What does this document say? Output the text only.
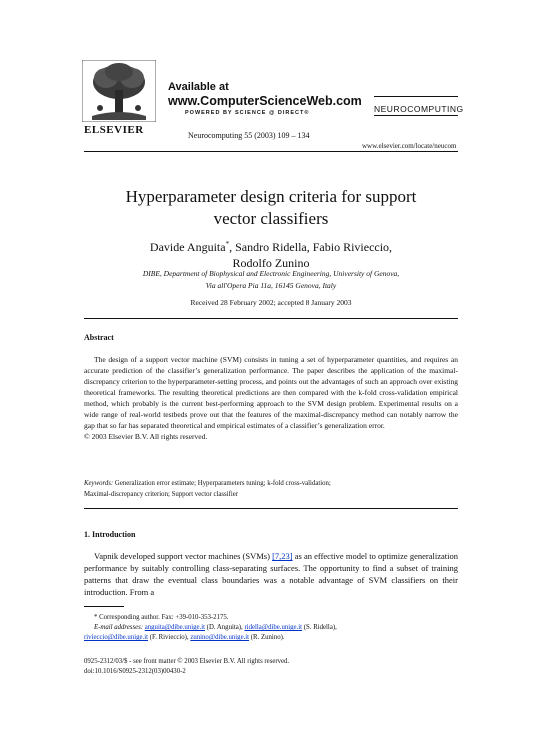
ELSEVIER
Available at
www.ComputerScienceWeb.com
POWERED BY SCIENCE @ DIRECT®	NEUROCOMPUTING
Neurocomputing 55 (2003) 109 – 134
www.elsevier.com/locate/neucom
Hyperparameter design criteria for support
vector classifiers
Davide Anguita*, Sandro Ridella, Fabio Rivieccio,
Rodolfo Zunino
DIBE, Department of Biophysical and Electronic Engineering, University of Genova,
Via all'Opera Pia 11a, 16145 Genova, Italy
Received 28 February 2002; accepted 8 January 2003
Abstract
The design of a support vector machine (SVM) consists in tuning a set of hyperparameter quantities, and requires an accurate prediction of the classifier’s generalization performance. The paper describes the application of the maximal-discrepancy criterion to the hyperparameter-setting process, and points out the advantages of such an approach over existing theoretical frameworks. The resulting theoretical predictions are then compared with the k-fold cross-validation empirical method, which probably is the current best-performing approach to the SVM design problem. Experimental results on a wide range of real-world testbeds prove out that the features of the maximal-discrepancy method can notably narrow the gap that so far has separated theoretical and empirical estimates of a classifier’s generalization error.
© 2003 Elsevier B.V. All rights reserved.
Keywords: Generalization error estimate; Hyperparameters tuning; k-fold cross-validation;
Maximal-discrepancy criterion; Support vector classifier
1. Introduction
Vapnik developed support vector machines (SVMs) [7,23] as an effective model to optimize generalization performance by suitably controlling class-separating surfaces. The opportunity to find a subset of training patterns that draw the eventual class boundaries was a notable advantage of SVM classifiers on their introduction. From a
* Corresponding author. Fax: +39-010-353-2175.
E-mail addresses: anguita@dibe.unige.it (D. Anguita), ridella@dibe.unige.it (S. Ridella),
rivieccio@dibe.unige.it (F. Rivieccio), zunino@dibe.unige.it (R. Zunino).
0925-2312/03/$ - see front matter © 2003 Elsevier B.V. All rights reserved.
doi:10.1016/S0925-2312(03)00430-2
